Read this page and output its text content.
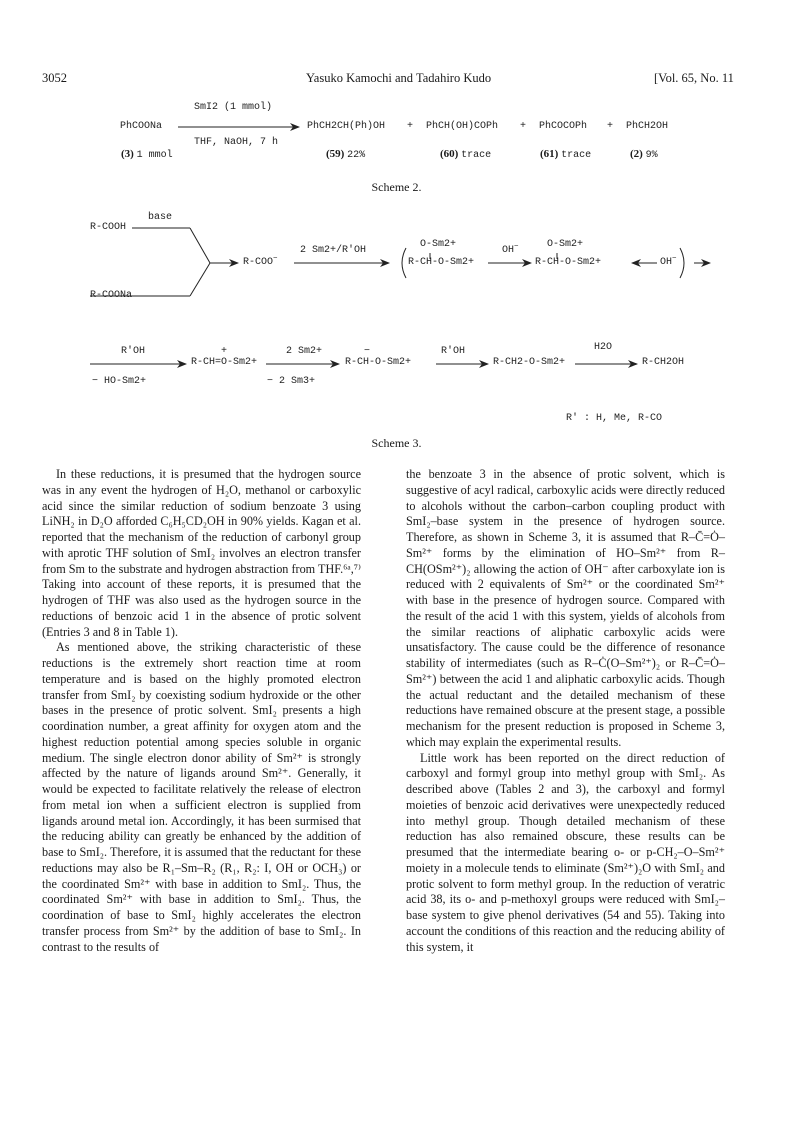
3052	Yasuko Kamochi and Tadahiro Kudo	[Vol. 65, No. 11
SmI2 (1 mmol)
PhCOONa
THF, NaOH, 7 h
PhCH2CH(Ph)OH + PhCH(OH)COPh + PhCOCOPh + PhCH2OH
(3) 1 mmol	(59) 22%	(60) trace	(61) trace	(2) 9%
Scheme 2.
base
R-COOH
R-COONa
R-COO−
2 Sm2+/R'OH
O-Sm2+
R-CH-O-Sm2+
OH−	O-Sm2+
R-CH-O-Sm2+	OH−
R'OH
− HO-Sm2+
+
R-CH=O-Sm2+
2 Sm2+
− 2 Sm3+
−
R-CH-O-Sm2+
R'OH
R-CH2-O-Sm2+
H2O
R-CH2OH
R' : H, Me, R-CO
Scheme 3.

In these reductions, it is presumed that the hydrogen source was in any event the hydrogen of H₂O, methanol or carboxylic acid since the similar reduction of sodium benzoate 3 using LiNH₂ in D₂O afforded C₆H₅CD₂OH in 90% yields. Kagan et al. reported that the mechanism of the reduction of carbonyl group with aprotic THF solution of SmI₂ involves an electron transfer from Sm to the substrate and hydrogen abstraction from THF.⁶ᵃ,⁷⁾ Taking into account of these reports, it is presumed that the hydrogen of THF was also used as the hydrogen source in the reductions of benzoic acid 1 in the absence of protic solvent (Entries 3 and 8 in Table 1).

As mentioned above, the striking characteristic of these reductions is the extremely short reaction time at room temperature and is based on the highly promoted electron transfer from SmI₂ by coexisting sodium hydroxide or the other bases in the presence of protic solvent. SmI₂ presents a high coordination number, a great affinity for oxygen atom and the highest reduction potential among species soluble in organic medium. The single electron donor ability of Sm²⁺ is strongly affected by the nature of ligands around Sm²⁺. Generally, it would be expected to facilitate relatively the release of electron from metal ion when a sufficient electron is supplied from ligands around metal ion. Accordingly, it has been surmised that the reducing ability can greatly be enhanced by the addition of base to SmI₂. Therefore, it is assumed that the reductant for these reductions may also be R₁–Sm–R₂ (R₁, R₂: I, OH or OCH₃) or the coordinated Sm²⁺ with base in addition to SmI₂. Thus, the coordinated Sm²⁺ with base in addition to SmI₂. Thus, the coordination of base to SmI₂ highly accelerates the electron transfer process from Sm²⁺ by the addition of base to SmI₂. In contrast to the results of

the benzoate 3 in the absence of protic solvent, which is suggestive of acyl radical, carboxylic acids were directly reduced to alcohols without the carbon–carbon coupling product with SmI₂–base system in the presence of hydrogen source. Therefore, as shown in Scheme 3, it is assumed that R–C̄=Ȯ–Sm²⁺ forms by the elimination of HO–Sm²⁺ from R–CH(OSm²⁺)₂ allowing the action of OH⁻ after carboxylate ion is reduced with 2 equivalents of Sm²⁺ or the coordinated Sm²⁺ with base in the presence of hydrogen source. Compared with the result of the acid 1 with this system, yields of alcohols from the similar reactions of aliphatic carboxylic acids were unsatisfactory. The cause could be the difference of resonance stability of intermediates (such as R–Ċ(O–Sm²⁺)₂ or R–C̄=Ȯ–Sm²⁺) between the acid 1 and aliphatic carboxylic acids. Though the actual reductant and the detailed mechanism of these reductions have remained obscure at the present stage, a possible mechanism for the present reduction is proposed in Scheme 3, which may explain the experimental results.

Little work has been reported on the direct reduction of carboxyl and formyl group into methyl group with SmI₂. As described above (Tables 2 and 3), the carboxyl and formyl moieties of benzoic acid derivatives were unexpectedly reduced into methyl group. Though detailed mechanism of these reduction has also remained obscure, these results can be presumed that the intermediate bearing o- or p-CH₂–O–Sm²⁺ moiety in a molecule tends to eliminate (Sm²⁺)₂O with SmI₂ and protic solvent to form methyl group. In the reduction of veratric acid 38, its o- and p-methoxyl groups were reduced with SmI₂–base system to give phenol derivatives (54 and 55). Taking into account the conditions of this reaction and the reducing ability of this system, it
